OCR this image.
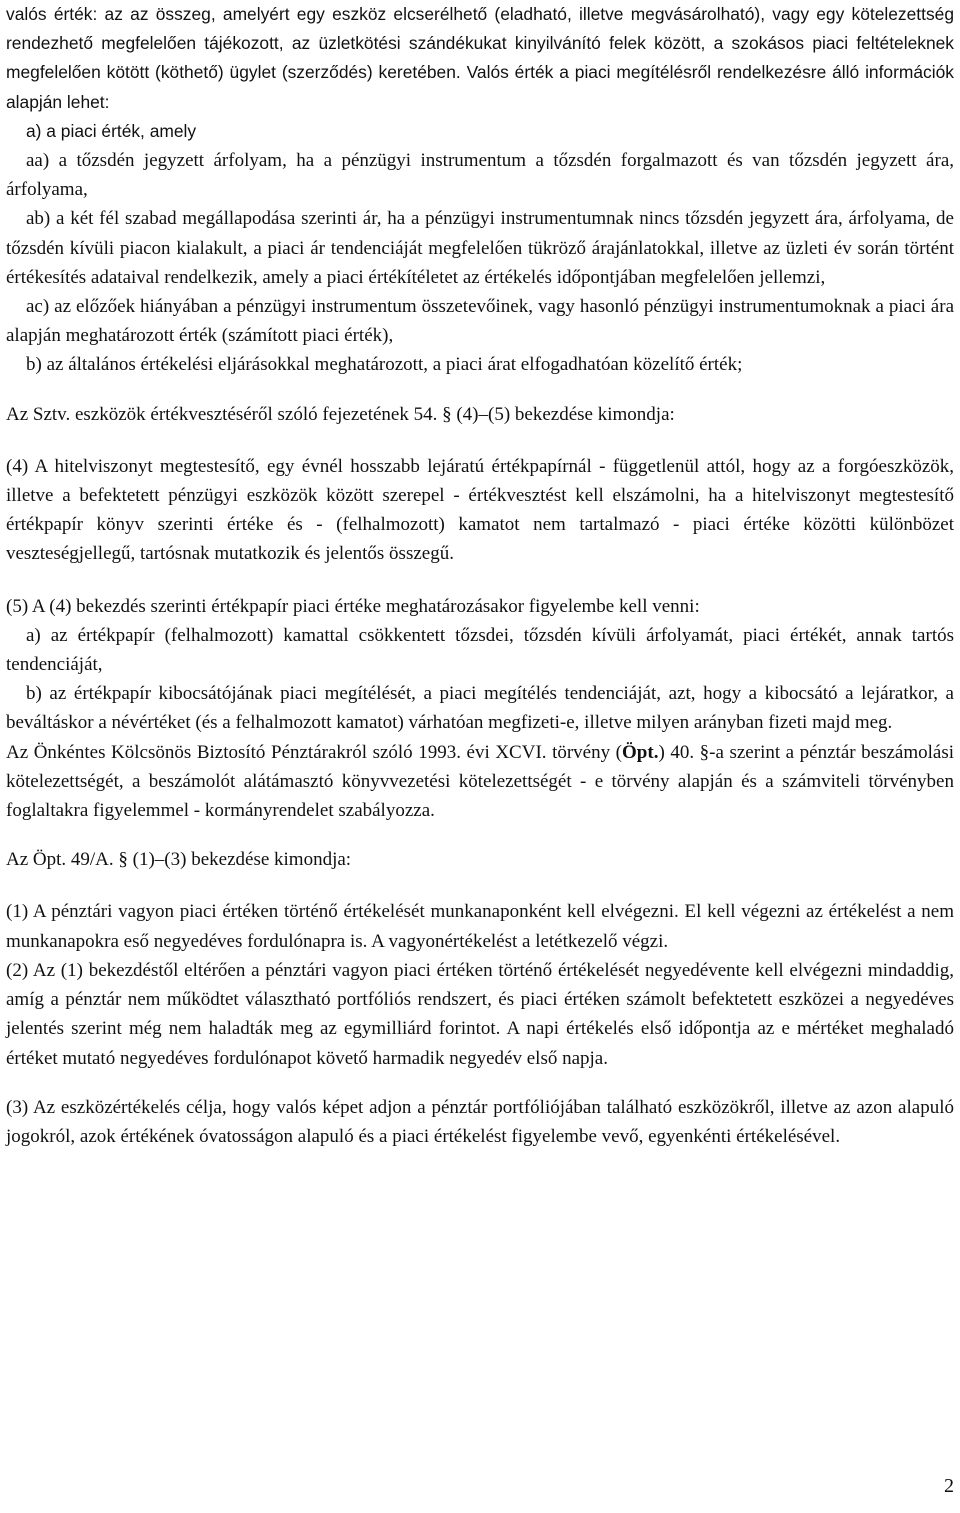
valós érték: az az összeg, amelyért egy eszköz elcserélhető (eladható, illetve megvásárolható), vagy egy kötelezettség rendezhető megfelelően tájékozott, az üzletkötési szándékukat kinyilvánító felek között, a szokásos piaci feltételeknek megfelelően kötött (köthető) ügylet (szerződés) keretében. Valós érték a piaci megítélésről rendelkezésre álló információk alapján lehet:

a) a piaci érték, amely

aa) a tőzsdén jegyzett árfolyam, ha a pénzügyi instrumentum a tőzsdén forgalmazott és van tőzsdén jegyzett ára, árfolyama,

ab) a két fél szabad megállapodása szerinti ár, ha a pénzügyi instrumentumnak nincs tőzsdén jegyzett ára, árfolyama, de tőzsdén kívüli piacon kialakult, a piaci ár tendenciáját megfelelően tükröző árajánlatokkal, illetve az üzleti év során történt értékesítés adataival rendelkezik, amely a piaci értékítéletet az értékelés időpontjában megfelelően jellemzi,

ac) az előzőek hiányában a pénzügyi instrumentum összetevőinek, vagy hasonló pénzügyi instrumentumoknak a piaci ára alapján meghatározott érték (számított piaci érték),

b) az általános értékelési eljárásokkal meghatározott, a piaci árat elfogadhatóan közelítő érték;

Az Sztv. eszközök értékvesztéséről szóló fejezetének 54. § (4)–(5) bekezdése kimondja:

(4) A hitelviszonyt megtestesítő, egy évnél hosszabb lejáratú értékpapírnál - függetlenül attól, hogy az a forgóeszközök, illetve a befektetett pénzügyi eszközök között szerepel - értékvesztést kell elszámolni, ha a hitelviszonyt megtestesítő értékpapír könyv szerinti értéke és - (felhalmozott) kamatot nem tartalmazó - piaci értéke közötti különbözet veszteségjellegű, tartósnak mutatkozik és jelentős összegű.

(5) A (4) bekezdés szerinti értékpapír piaci értéke meghatározásakor figyelembe kell venni:

a) az értékpapír (felhalmozott) kamattal csökkentett tőzsdei, tőzsdén kívüli árfolyamát, piaci értékét, annak tartós tendenciáját,

b) az értékpapír kibocsátójának piaci megítélését, a piaci megítélés tendenciáját, azt, hogy a kibocsátó a lejáratkor, a beváltáskor a névértéket (és a felhalmozott kamatot) várhatóan megfizeti-e, illetve milyen arányban fizeti majd meg.

Az Önkéntes Kölcsönös Biztosító Pénztárakról szóló 1993. évi XCVI. törvény (Öpt.) 40. §-a szerint a pénztár beszámolási kötelezettségét, a beszámolót alátámasztó könyvvezetési kötelezettségét - e törvény alapján és a számviteli törvényben foglaltakra figyelemmel - kormányrendelet szabályozza.

Az Öpt. 49/A. § (1)–(3) bekezdése kimondja:

(1) A pénztári vagyon piaci értéken történő értékelését munkanaponként kell elvégezni. El kell végezni az értékelést a nem munkanapokra eső negyedéves fordulónapra is. A vagyonértékelést a letétkezelő végzi.

(2) Az (1) bekezdéstől eltérően a pénztári vagyon piaci értéken történő értékelését negyedévente kell elvégezni mindaddig, amíg a pénztár nem működtet választható portfóliós rendszert, és piaci értéken számolt befektetett eszközei a negyedéves jelentés szerint még nem haladták meg az egymilliárd forintot. A napi értékelés első időpontja az e mértéket meghaladó értéket mutató negyedéves fordulónapot követő harmadik negyedév első napja.

(3) Az eszközértékelés célja, hogy valós képet adjon a pénztár portfóliójában található eszközökről, illetve az azon alapuló jogokról, azok értékének óvatosságon alapuló és a piaci értékelést figyelembe vevő, egyenkénti értékelésével.

2
